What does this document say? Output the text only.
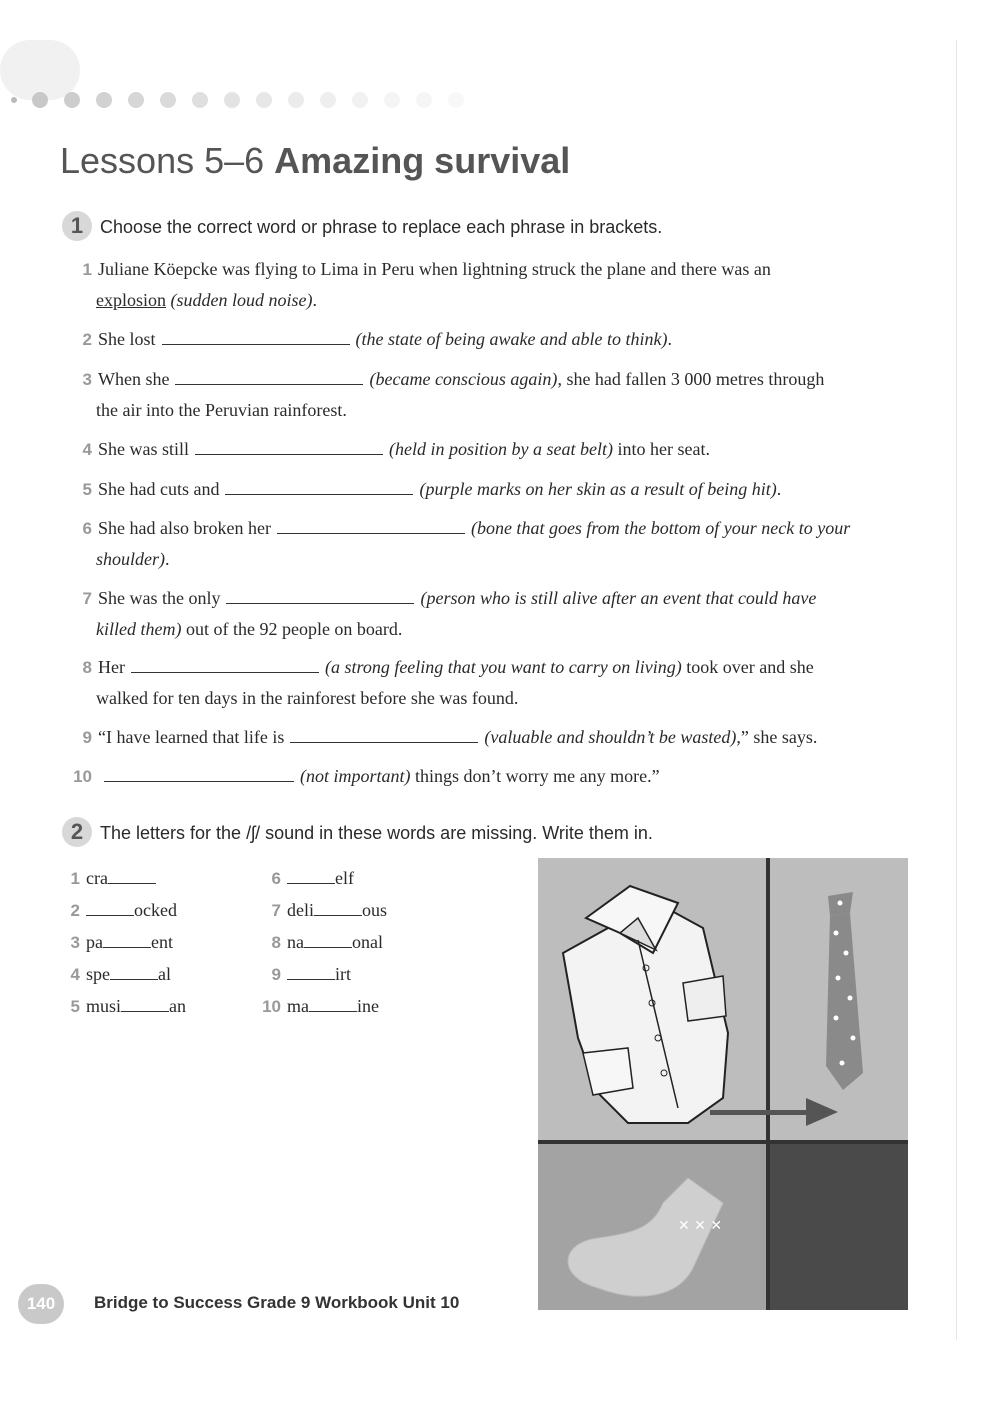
Lessons 5–6 Amazing survival
1 Choose the correct word or phrase to replace each phrase in brackets.
1 Juliane Köepcke was flying to Lima in Peru when lightning struck the plane and there was an
explosion (sudden loud noise).
2 She lost	(the state of being awake and able to think).
3 When she	(became conscious again), she had fallen 3 000 metres through
the air into the Peruvian rainforest.
4 She was still	(held in position by a seat belt) into her seat.
5 She had cuts and	(purple marks on her skin as a result of being hit).
6 She had also broken her	(bone that goes from the bottom of your neck to your
shoulder).
7 She was the only	(person who is still alive after an event that could have
killed them) out of the 92 people on board.
8 Her	(a strong feeling that you want to carry on living) took over and she
walked for ten days in the rainforest before she was found.
9 “I have learned that life is	(valuable and shouldn’t be wasted),” she says.
10	(not important) things don’t worry me any more.”
2 The letters for the /ʃ/ sound in these words are missing. Write them in.
1 cra
2	ocked
3 pa	ent
4 spe	al
5 musi	an
6	elf
7 deli	ous
8 na	onal
9	irt
10 ma	ine
✕ ✕ ✕
140	Bridge to Success Grade 9 Workbook Unit 10
